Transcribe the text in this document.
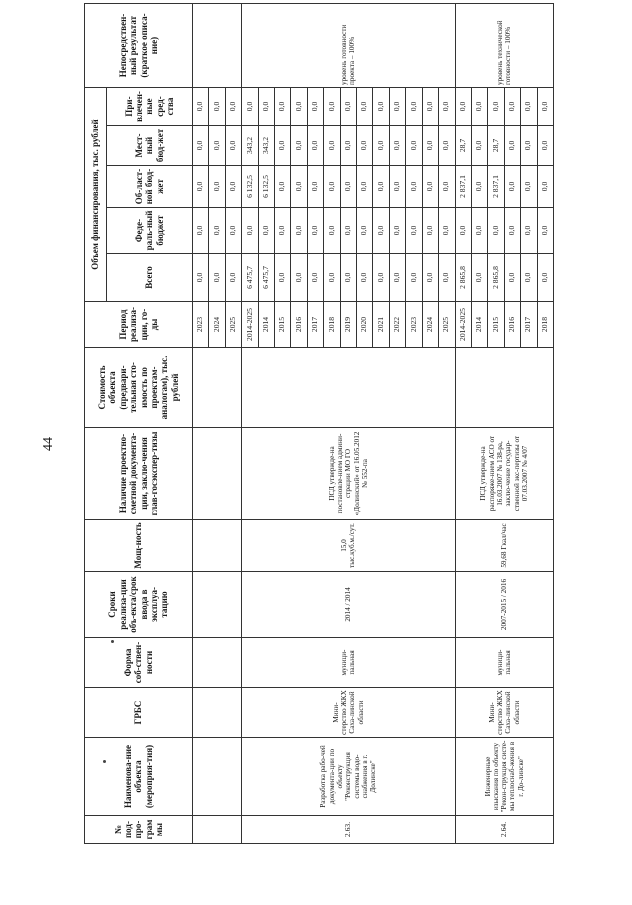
44
№ под-про-грам мы	Наименова-ние объекта (мероприя-тия)	ГРБС	Форма соб-ствен-ности	Сроки реализа-ции объ-екта/срок ввода в эксплуа-тацию	Мощ-ность	Наличие проектно-сметной документа-ции, заклю-чения глав-госэкспер-тизы	Стоимость объекта (предвари-тельная сто-имость по проектам-аналогам), тыс. рублей	Период реализа-ции, го-ды	Объем финансирования, тыс. рублей					Непосредствен-ный результат (краткое описа-ние)
									Всего	Феде-раль-ный бюджет	Об-ласт-ной бюд-жет	Мест-ный бюд-жет	При-влечен-ные сред-ства	
								2023	0,0	0,0	0,0	0,0	0,0	
								2024	0,0	0,0	0,0	0,0	0,0	
								2025	0,0	0,0	0,0	0,0	0,0	
2.63.	Разработка рабо-чей документа-ции по объекту "Реконструкция системы водо-снабжения в г. Долинске"	Мини-стерство ЖКХ Саха-линской области	муници-пальная	2014 / 2014	15,0 тыс.куб.м./сут.	ПСД утвержде-на постановле-нием админи-страции МО ГО «Долинский» от 16.05.2012 № 552-па		2014-2025	6 475,7	0,0	6 132,5	343,2	0,0	уровень готовности проекта – 100%
								2014	6 475,7	0,0	6 132,5	343,2	0,0	
								2015	0,0	0,0	0,0	0,0	0,0	
								2016	0,0	0,0	0,0	0,0	0,0	
								2017	0,0	0,0	0,0	0,0	0,0	
								2018	0,0	0,0	0,0	0,0	0,0	
								2019	0,0	0,0	0,0	0,0	0,0	
								2020	0,0	0,0	0,0	0,0	0,0	
								2021	0,0	0,0	0,0	0,0	0,0	
								2022	0,0	0,0	0,0	0,0	0,0	
								2023	0,0	0,0	0,0	0,0	0,0	
								2024	0,0	0,0	0,0	0,0	0,0	
								2025	0,0	0,0	0,0	0,0	0,0	
2.64.	Инженерные изыскания по объекту "Рекон-струкция систе-мы теплоснаб-жения в г. До-линске"	Мини-стерство ЖКХ Саха-линской области	муници-пальная	2007-2015 / 2016	59,68 Гкал/час	ПСД утвержде-на распоряже-нием АСО от 16.03.2007 № 138-ра, заклю-чение государ-ственной экс-пертизы от 07.03.2007 № 4/07		2014-2025	2 865,8	0,0	2 837,1	28,7	0,0	уровень технической готовности – 100%
								2014	0,0	0,0	0,0	0,0	0,0	
								2015	2 865,8	0,0	2 837,1	28,7	0,0	
								2016	0,0	0,0	0,0	0,0	0,0	
								2017	0,0	0,0	0,0	0,0	0,0	
								2018	0,0	0,0	0,0	0,0	0,0	
